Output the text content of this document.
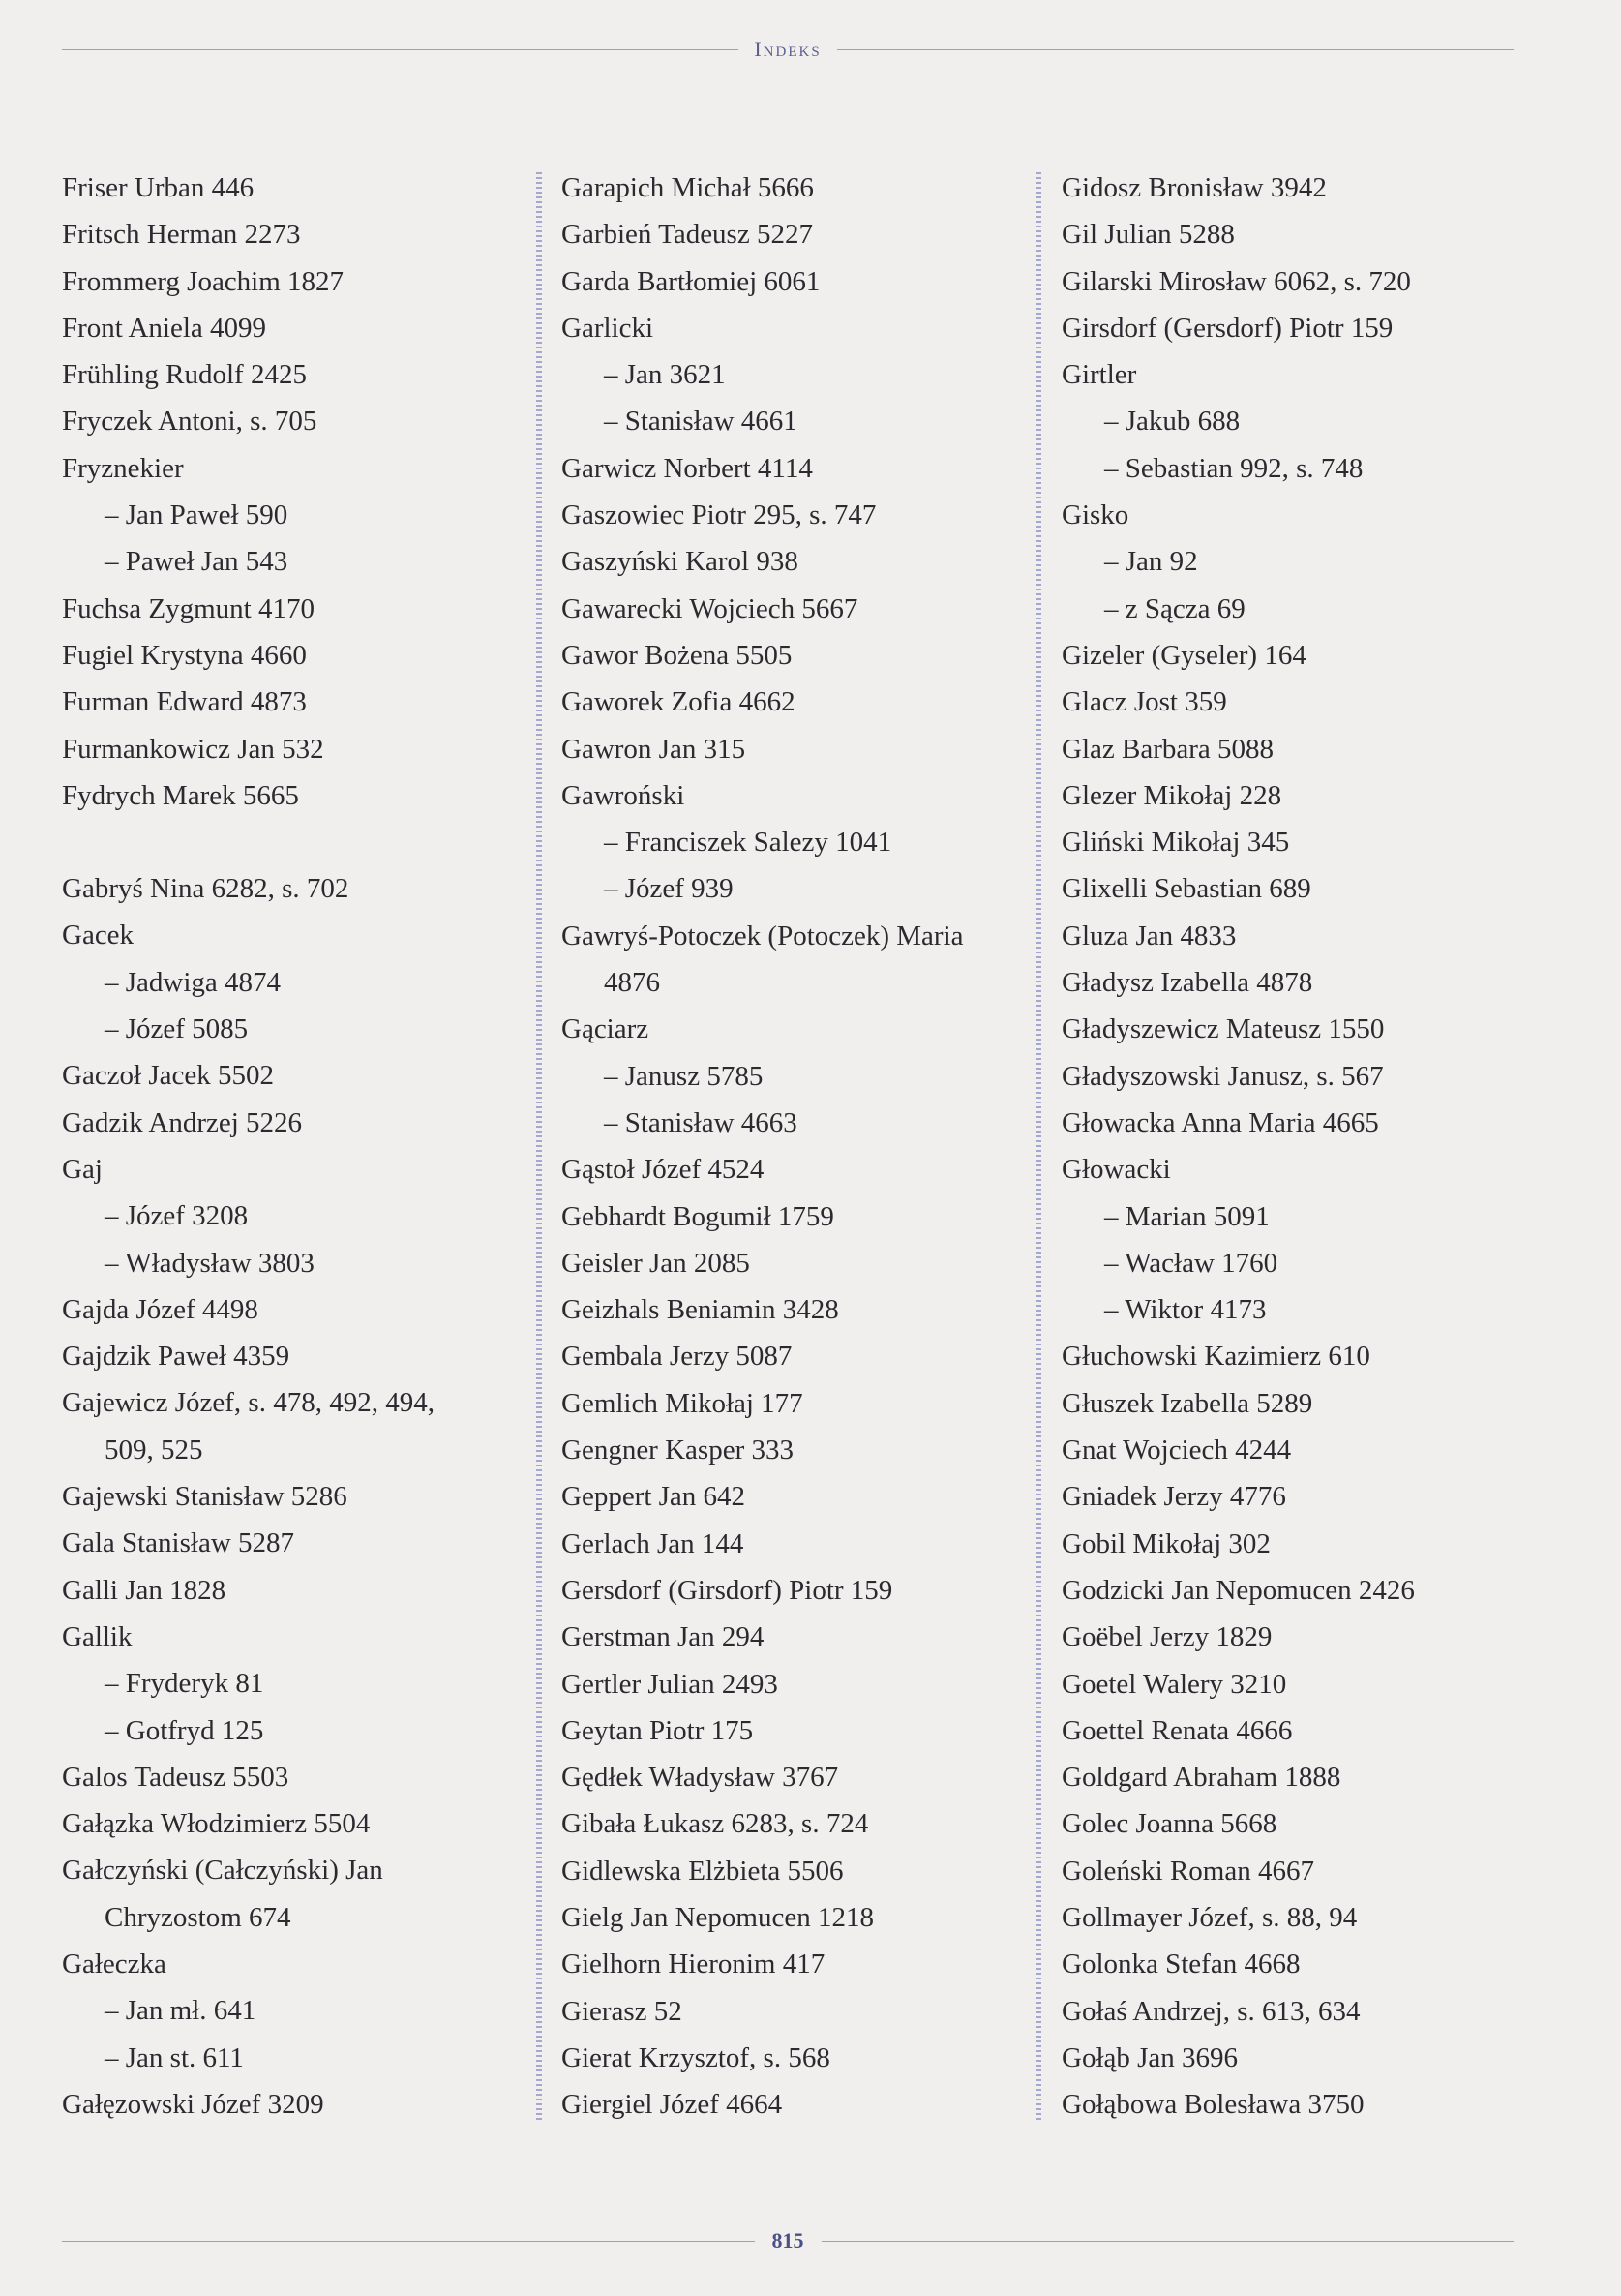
Indeks
Friser Urban 446
Fritsch Herman 2273
Frommerg Joachim 1827
Front Aniela 4099
Frühling Rudolf 2425
Fryczek Antoni, s. 705
Fryznekier
– Jan Paweł 590
– Paweł Jan 543
Fuchsa Zygmunt 4170
Fugiel Krystyna 4660
Furman Edward 4873
Furmankowicz Jan 532
Fydrych Marek 5665
Gabryś Nina 6282, s. 702
Gacek
– Jadwiga 4874
– Józef 5085
Gaczoł Jacek 5502
Gadzik Andrzej 5226
Gaj
– Józef 3208
– Władysław 3803
Gajda Józef 4498
Gajdzik Paweł 4359
Gajewicz Józef, s. 478, 492, 494,
509, 525
Gajewski Stanisław 5286
Gala Stanisław 5287
Galli Jan 1828
Gallik
– Fryderyk 81
– Gotfryd 125
Galos Tadeusz 5503
Gałązka Włodzimierz 5504
Gałczyński (Całczyński) Jan
Chryzostom 674
Gałeczka
– Jan mł. 641
– Jan st. 611
Gałęzowski Józef 3209
Garapich Michał 5666
Garbień Tadeusz 5227
Garda Bartłomiej 6061
Garlicki
– Jan 3621
– Stanisław 4661
Garwicz Norbert 4114
Gaszowiec Piotr 295, s. 747
Gaszyński Karol 938
Gawarecki Wojciech 5667
Gawor Bożena 5505
Gaworek Zofia 4662
Gawron Jan 315
Gawroński
– Franciszek Salezy 1041
– Józef 939
Gawryś-Potoczek (Potoczek) Maria
4876
Gąciarz
– Janusz 5785
– Stanisław 4663
Gąstoł Józef 4524
Gebhardt Bogumił 1759
Geisler Jan 2085
Geizhals Beniamin 3428
Gembala Jerzy 5087
Gemlich Mikołaj 177
Gengner Kasper 333
Geppert Jan 642
Gerlach Jan 144
Gersdorf (Girsdorf) Piotr 159
Gerstman Jan 294
Gertler Julian 2493
Geytan Piotr 175
Gędłek Władysław 3767
Gibała Łukasz 6283, s. 724
Gidlewska Elżbieta 5506
Gielg Jan Nepomucen 1218
Gielhorn Hieronim 417
Gierasz 52
Gierat Krzysztof, s. 568
Giergiel Józef 4664
Gidosz Bronisław 3942
Gil Julian 5288
Gilarski Mirosław 6062, s. 720
Girsdorf (Gersdorf) Piotr 159
Girtler
– Jakub 688
– Sebastian 992, s. 748
Gisko
– Jan 92
– z Sącza 69
Gizeler (Gyseler) 164
Glacz Jost 359
Glaz Barbara 5088
Glezer Mikołaj 228
Gliński Mikołaj 345
Glixelli Sebastian 689
Gluza Jan 4833
Gładysz Izabella 4878
Gładyszewicz Mateusz 1550
Gładyszowski Janusz, s. 567
Głowacka Anna Maria 4665
Głowacki
– Marian 5091
– Wacław 1760
– Wiktor 4173
Głuchowski Kazimierz 610
Głuszek Izabella 5289
Gnat Wojciech 4244
Gniadek Jerzy 4776
Gobil Mikołaj 302
Godzicki Jan Nepomucen 2426
Goëbel Jerzy 1829
Goetel Walery 3210
Goettel Renata 4666
Goldgard Abraham 1888
Golec Joanna 5668
Goleński Roman 4667
Gollmayer Józef, s. 88, 94
Golonka Stefan 4668
Gołaś Andrzej, s. 613, 634
Gołąb Jan 3696
Gołąbowa Bolesława 3750
815
